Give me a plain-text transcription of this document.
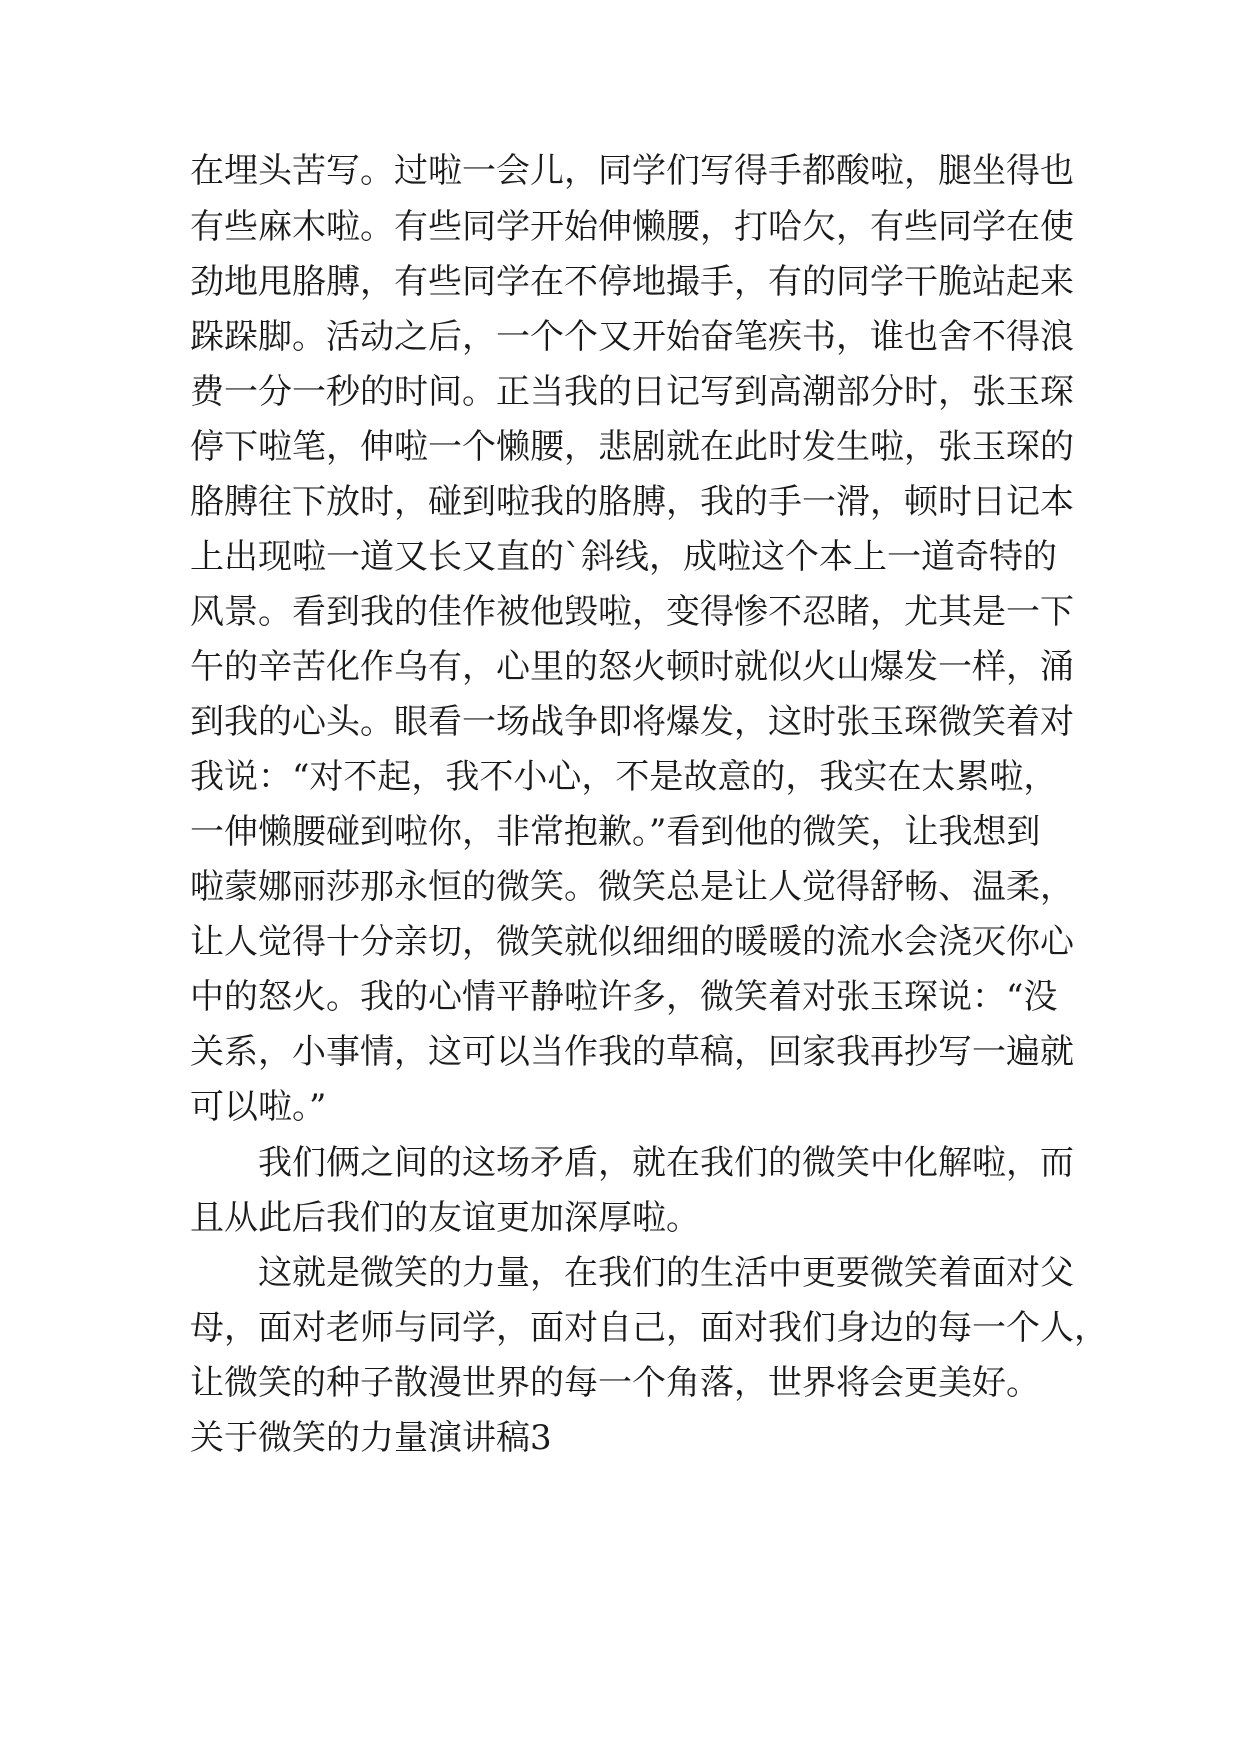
在埋头苦写。过啦一会儿，同学们写得手都酸啦，腿坐得也
有些麻木啦。有些同学开始伸懒腰，打哈欠，有些同学在使
劲地甩胳膊，有些同学在不停地撮手，有的同学干脆站起来
跺跺脚。活动之后，一个个又开始奋笔疾书，谁也舍不得浪
费一分一秒的时间。正当我的日记写到高潮部分时，张玉琛
停下啦笔，伸啦一个懒腰，悲剧就在此时发生啦，张玉琛的
胳膊往下放时，碰到啦我的胳膊，我的手一滑，顿时日记本
上出现啦一道又长又直的`斜线，成啦这个本上一道奇特的
风景。看到我的佳作被他毁啦，变得惨不忍睹，尤其是一下
午的辛苦化作乌有，心里的怒火顿时就似火山爆发一样，涌
到我的心头。眼看一场战争即将爆发，这时张玉琛微笑着对
我说：“对不起，我不小心，不是故意的，我实在太累啦，
一伸懒腰碰到啦你，非常抱歉。”看到他的微笑，让我想到
啦蒙娜丽莎那永恒的微笑。微笑总是让人觉得舒畅、温柔，
让人觉得十分亲切，微笑就似细细的暖暖的流水会浇灭你心
中的怒火。我的心情平静啦许多，微笑着对张玉琛说：“没
关系，小事情，这可以当作我的草稿，回家我再抄写一遍就
可以啦。”
我们俩之间的这场矛盾，就在我们的微笑中化解啦，而
且从此后我们的友谊更加深厚啦。
这就是微笑的力量，在我们的生活中更要微笑着面对父
母，面对老师与同学，面对自己，面对我们身边的每一个人，
让微笑的种子散漫世界的每一个角落，世界将会更美好。
关于微笑的力量演讲稿3
